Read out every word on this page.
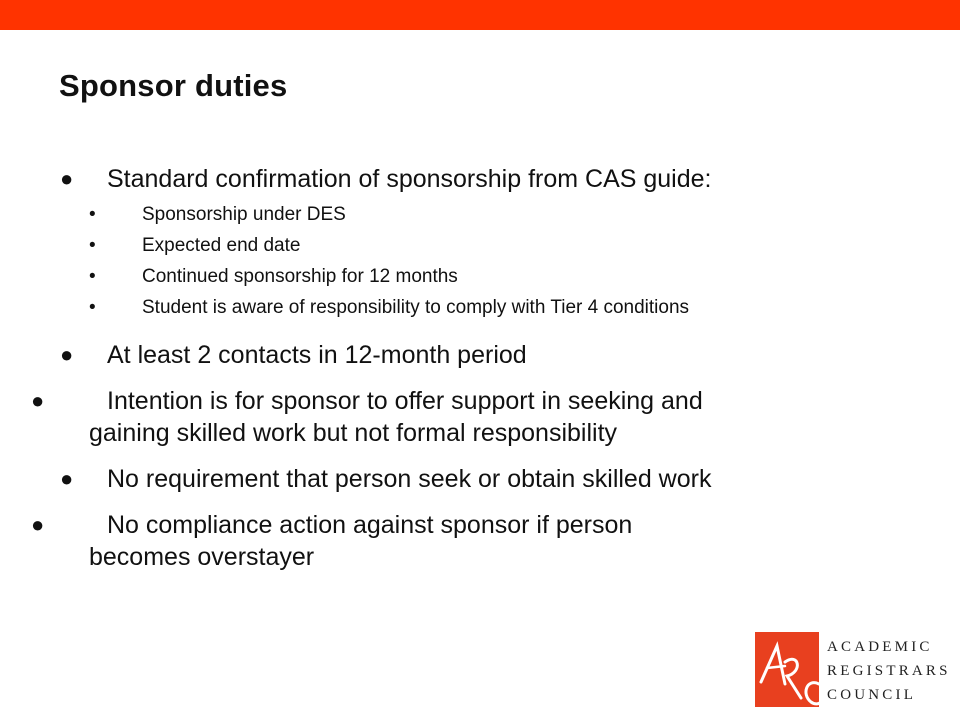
Sponsor duties
● Standard confirmation of sponsorship from CAS guide:
• Sponsorship under DES
• Expected end date
• Continued sponsorship for 12 months
• Student is aware of responsibility to comply with Tier 4 conditions
● At least 2 contacts in 12-month period
●	Intention is for sponsor to offer support in seeking and
gaining skilled work but not formal responsibility
● No requirement that person seek or obtain skilled work
●	No compliance action against sponsor if person
becomes overstayer
ACADEMIC
REGISTRARS
COUNCIL
